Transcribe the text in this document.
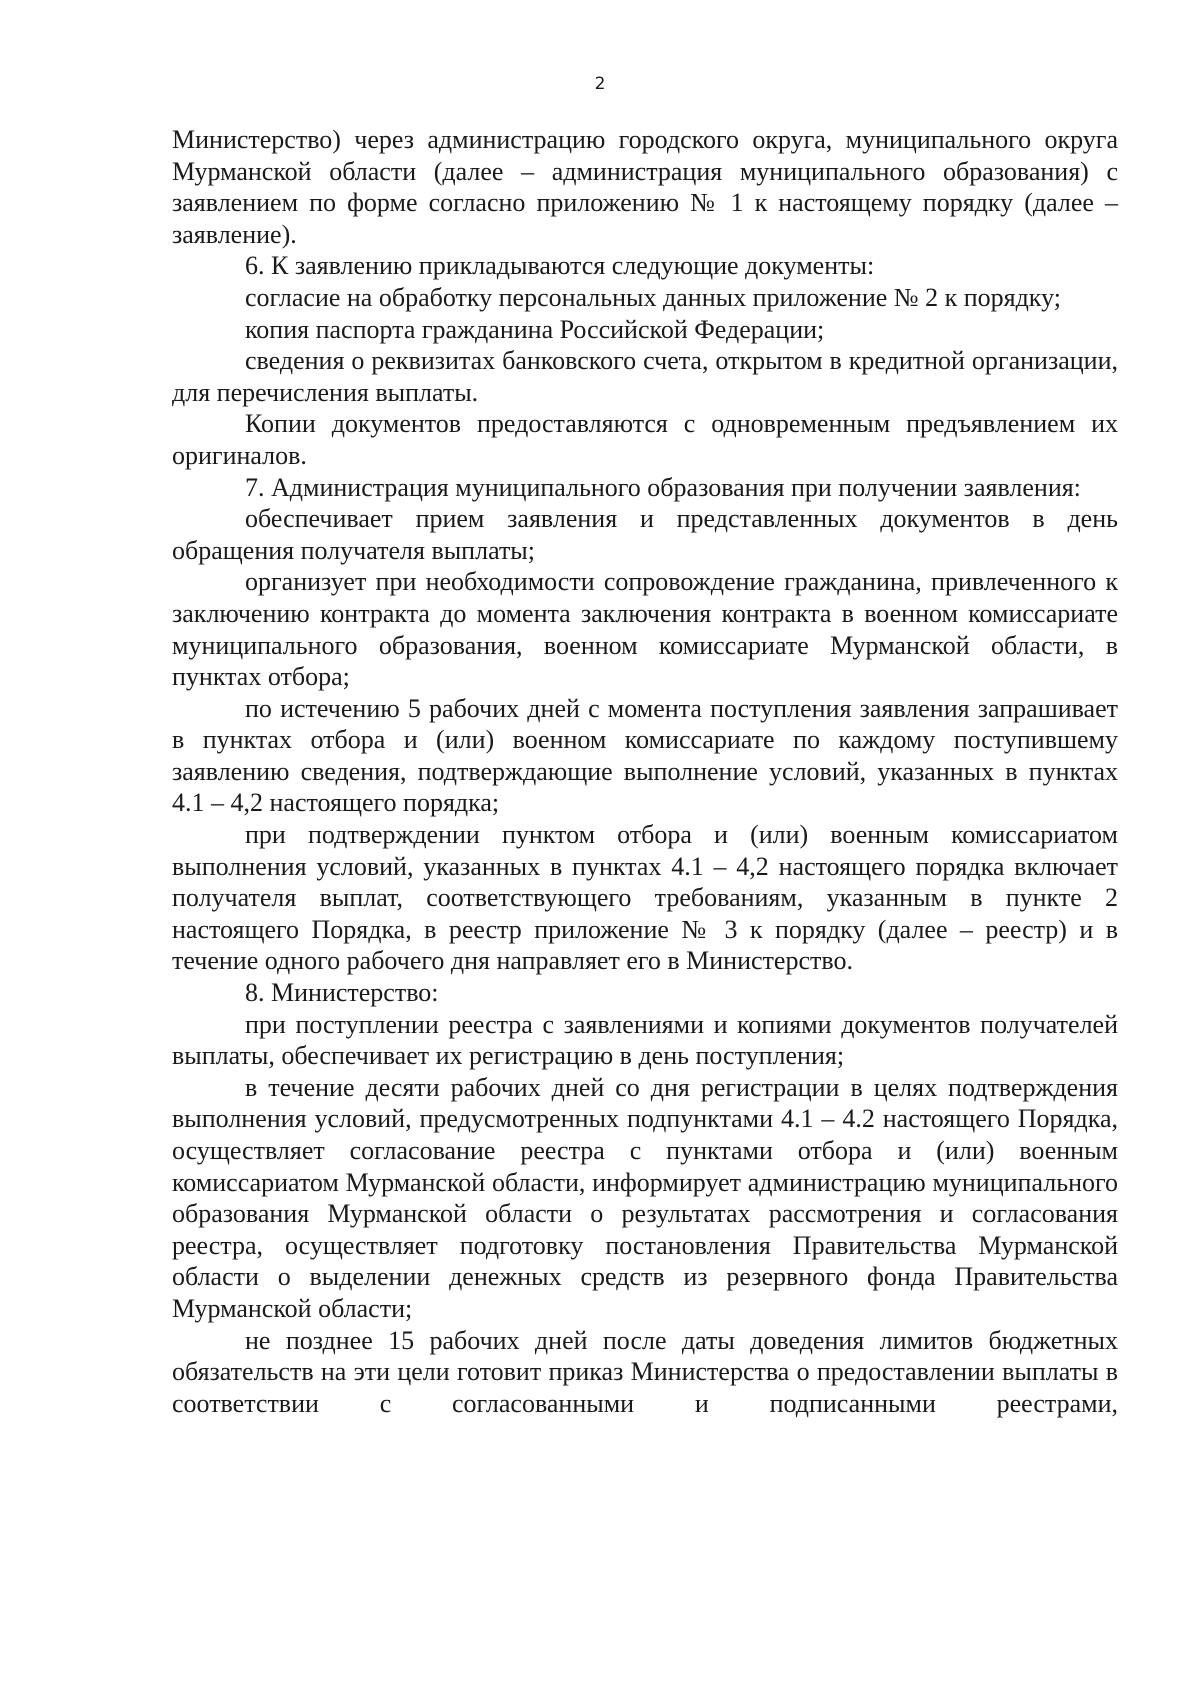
2

Министерство) через администрацию городского округа, муниципального округа Мурманской области (далее – администрация муниципального образования) с заявлением по форме согласно приложению № 1 к настоящему порядку (далее – заявление).

6. К заявлению прикладываются следующие документы:

согласие на обработку персональных данных приложение № 2 к порядку;

копия паспорта гражданина Российской Федерации;

сведения о реквизитах банковского счета, открытом в кредитной организации, для перечисления выплаты.

Копии документов предоставляются с одновременным предъявлением их оригиналов.

7. Администрация муниципального образования при получении заявления:

обеспечивает прием заявления и представленных документов в день обращения получателя выплаты;

организует при необходимости сопровождение гражданина, привлеченного к заключению контракта до момента заключения контракта в военном комиссариате муниципального образования, военном комиссариате Мурманской области, в пунктах отбора;

по истечению 5 рабочих дней с момента поступления заявления запрашивает в пунктах отбора и (или) военном комиссариате по каждому поступившему заявлению сведения, подтверждающие выполнение условий, указанных в пунктах 4.1 – 4,2 настоящего порядка;

при подтверждении пунктом отбора и (или) военным комиссариатом выполнения условий, указанных в пунктах 4.1 – 4,2 настоящего порядка включает получателя выплат, соответствующего требованиям, указанным в пункте 2 настоящего Порядка, в реестр приложение № 3 к порядку (далее – реестр) и в течение одного рабочего дня направляет его в Министерство.

8. Министерство:

при поступлении реестра с заявлениями и копиями документов получателей выплаты, обеспечивает их регистрацию в день поступления;

в течение десяти рабочих дней со дня регистрации в целях подтверждения выполнения условий, предусмотренных подпунктами 4.1 – 4.2 настоящего Порядка, осуществляет согласование реестра с пунктами отбора и (или) военным комиссариатом Мурманской области, информирует администрацию муниципального образования Мурманской области о результатах рассмотрения и согласования реестра, осуществляет подготовку постановления Правительства Мурманской области о выделении денежных средств из резервного фонда Правительства Мурманской области;

не позднее 15 рабочих дней после даты доведения лимитов бюджетных обязательств на эти цели готовит приказ Министерства о предоставлении выплаты в соответствии с согласованными и подписанными реестрами,
